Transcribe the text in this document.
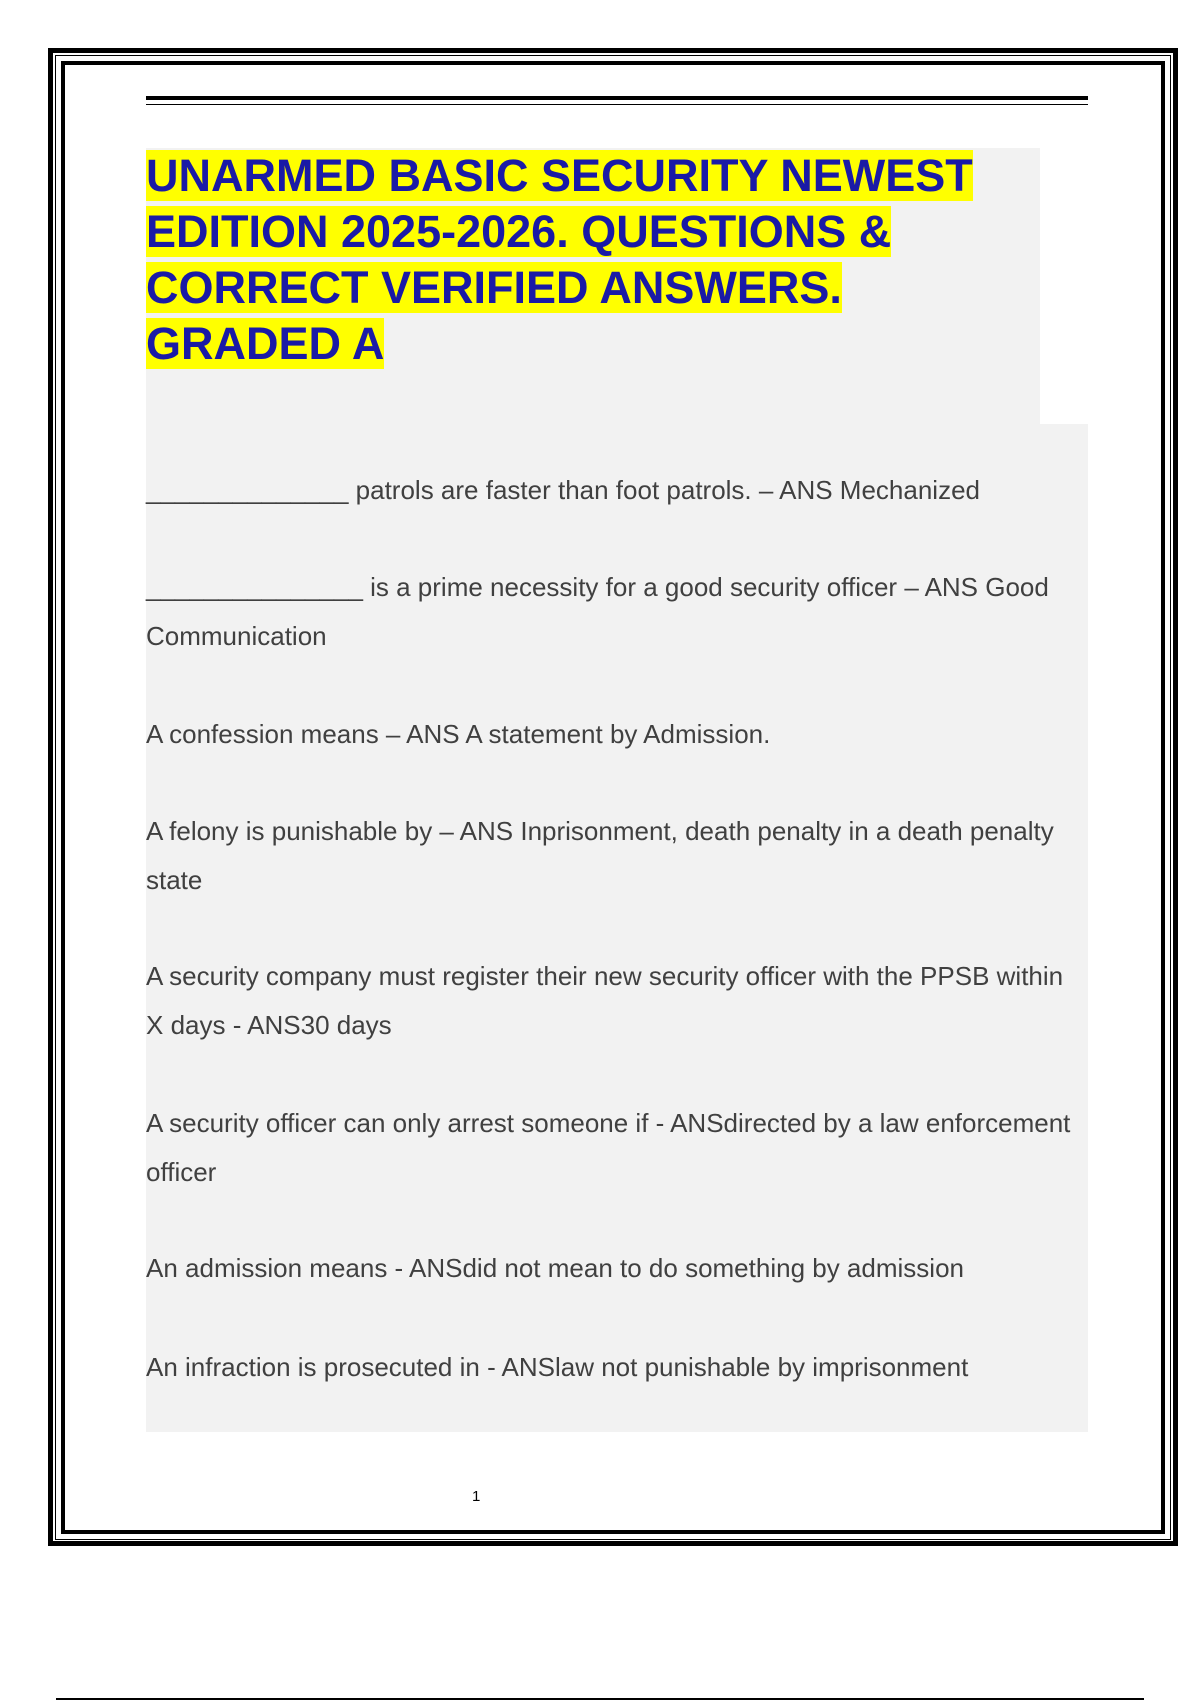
UNARMED BASIC SECURITY NEWEST EDITION 2025-2026. QUESTIONS & CORRECT VERIFIED ANSWERS. GRADED A

______________ patrols are faster than foot patrols. – ANS Mechanized

_______________ is a prime necessity for a good security officer – ANS Good Communication

A confession means – ANS A statement by Admission.

A felony is punishable by – ANS Inprisonment, death penalty in a death penalty state

A security company must register their new security officer with the PPSB within X days - ANS30 days

A security officer can only arrest someone if - ANSdirected by a law enforcement officer

An admission means - ANSdid not mean to do something by admission

An infraction is prosecuted in - ANSlaw not punishable by imprisonment

1
